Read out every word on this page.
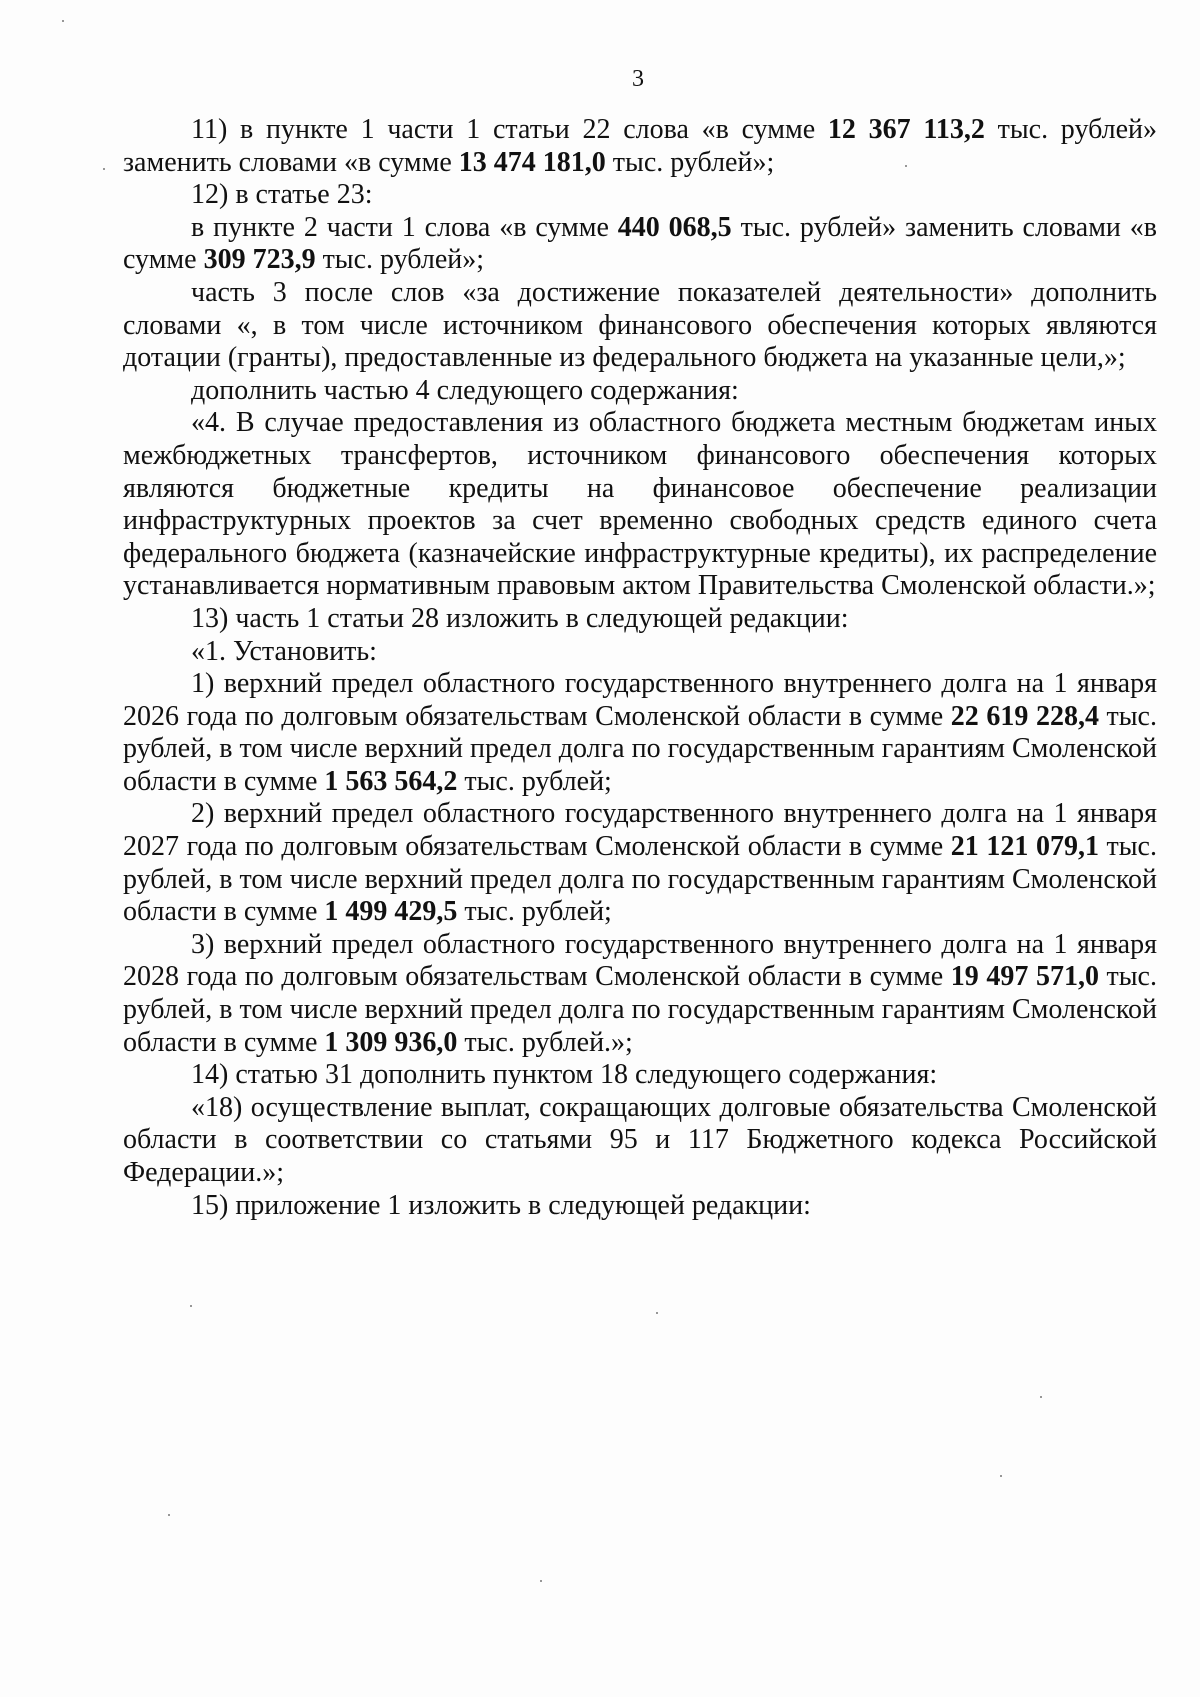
3

11) в пункте 1 части 1 статьи 22 слова «в сумме 12 367 113,2 тыс. рублей» заменить словами «в сумме 13 474 181,0 тыс. рублей»;

12) в статье 23:

в пункте 2 части 1 слова «в сумме 440 068,5 тыс. рублей» заменить словами «в сумме 309 723,9 тыс. рублей»;

часть 3 после слов «за достижение показателей деятельности» дополнить словами «, в том числе источником финансового обеспечения которых являются дотации (гранты), предоставленные из федерального бюджета на указанные цели,»;

дополнить частью 4 следующего содержания:

«4. В случае предоставления из областного бюджета местным бюджетам иных межбюджетных трансфертов, источником финансового обеспечения которых являются бюджетные кредиты на финансовое обеспечение реализации инфраструктурных проектов за счет временно свободных средств единого счета федерального бюджета (казначейские инфраструктурные кредиты), их распределение устанавливается нормативным правовым актом Правительства Смоленской области.»;

13) часть 1 статьи 28 изложить в следующей редакции:

«1. Установить:

1) верхний предел областного государственного внутреннего долга на 1 января 2026 года по долговым обязательствам Смоленской области в сумме 22 619 228,4 тыс. рублей, в том числе верхний предел долга по государственным гарантиям Смоленской области в сумме 1 563 564,2 тыс. рублей;

2) верхний предел областного государственного внутреннего долга на 1 января 2027 года по долговым обязательствам Смоленской области в сумме 21 121 079,1 тыс. рублей, в том числе верхний предел долга по государственным гарантиям Смоленской области в сумме 1 499 429,5 тыс. рублей;

3) верхний предел областного государственного внутреннего долга на 1 января 2028 года по долговым обязательствам Смоленской области в сумме 19 497 571,0 тыс. рублей, в том числе верхний предел долга по государственным гарантиям Смоленской области в сумме 1 309 936,0 тыс. рублей.»;

14) статью 31 дополнить пунктом 18 следующего содержания:

«18) осуществление выплат, сокращающих долговые обязательства Смоленской области в соответствии со статьями 95 и 117 Бюджетного кодекса Российской Федерации.»;

15) приложение 1 изложить в следующей редакции:
